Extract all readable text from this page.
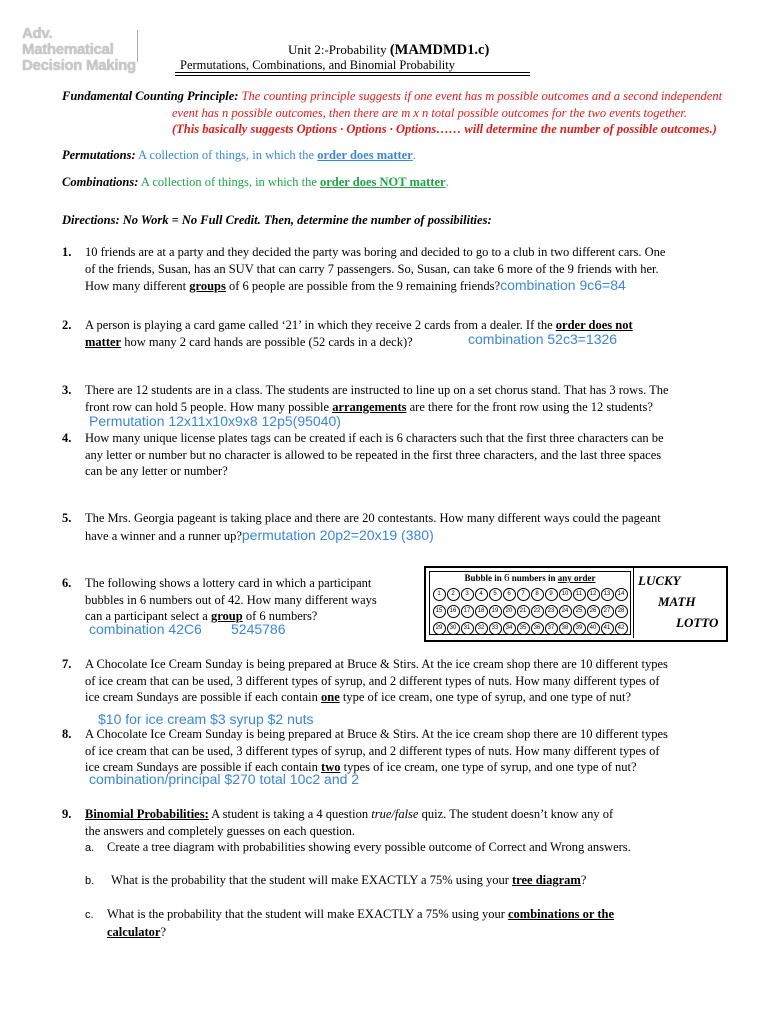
Adv. Mathematical
Decision Making
Unit 2:-Probability (MAMDMD1.c)
Permutations, Combinations, and Binomial Probability
Fundamental Counting Principle: The counting principle suggests if one event has m possible outcomes and a second independent
event has n possible outcomes, then there are m x n total possible outcomes for the two events together.
(This basically suggests Options · Options · Options…… will determine the number of possible outcomes.)
Permutations: A collection of things, in which the order does matter.
Combinations: A collection of things, in which the order does NOT matter.
Directions: No Work = No Full Credit. Then, determine the number of possibilities:
1. 10 friends are at a party and they decided the party was boring and decided to go to a club in two different cars. One
of the friends, Susan, has an SUV that can carry 7 passengers. So, Susan, can take 6 more of the 9 friends with her.
How many different groups of 6 people are possible from the 9 remaining friends?combination 9c6=84
2. A person is playing a card game called ‘21’ in which they receive 2 cards from a dealer. If the order does not
matter how many 2 card hands are possible (52 cards in a deck)?	combination 52c3=1326
3. There are 12 students are in a class. The students are instructed to line up on a set chorus stand. That has 3 rows. The
front row can hold 5 people. How many possible arrangements are there for the front row using the 12 students?
Permutation 12x11x10x9x8 12p5(95040)
4. How many unique license plates tags can be created if each is 6 characters such that the first three characters can be
any letter or number but no character is allowed to be repeated in the first three characters, and the last three spaces
can be any letter or number?
5. The Mrs. Georgia pageant is taking place and there are 20 contestants. How many different ways could the pageant
have a winner and a runner up?permutation 20p2=20x19 (380)
6. The following shows a lottery card in which a participant
bubbles in 6 numbers out of 42. How many different ways
can a participant select a group of 6 numbers?
combination 42C6 5245786
Bubble in 6 numbers in any order
1 2 3 4 5 6 7 8 9 10 11 12 13 14
15 16 17 18 19 20 21 22 23 24 25 26 27 28
29 30 31 32 33 34 35 36 37 38 39 40 41 42
LUCKY
MATH
LOTTO
7. A Chocolate Ice Cream Sunday is being prepared at Bruce & Stirs. At the ice cream shop there are 10 different types
of ice cream that can be used, 3 different types of syrup, and 2 different types of nuts. How many different types of
ice cream Sundays are possible if each contain one type of ice cream, one type of syrup, and one type of nut?
$10 for ice cream $3 syrup $2 nuts
8. A Chocolate Ice Cream Sunday is being prepared at Bruce & Stirs. At the ice cream shop there are 10 different types
of ice cream that can be used, 3 different types of syrup, and 2 different types of nuts. How many different types of
ice cream Sundays are possible if each contain two types of ice cream, one type of syrup, and one type of nut?
combination/principal $270 total 10c2 and 2
9. Binomial Probabilities: A student is taking a 4 question true/false quiz. The student doesn’t know any of
the answers and completely guesses on each question.
a. Create a tree diagram with probabilities showing every possible outcome of Correct and Wrong answers.
b. What is the probability that the student will make EXACTLY a 75% using your tree diagram?
c. What is the probability that the student will make EXACTLY a 75% using your combinations or the
calculator?
